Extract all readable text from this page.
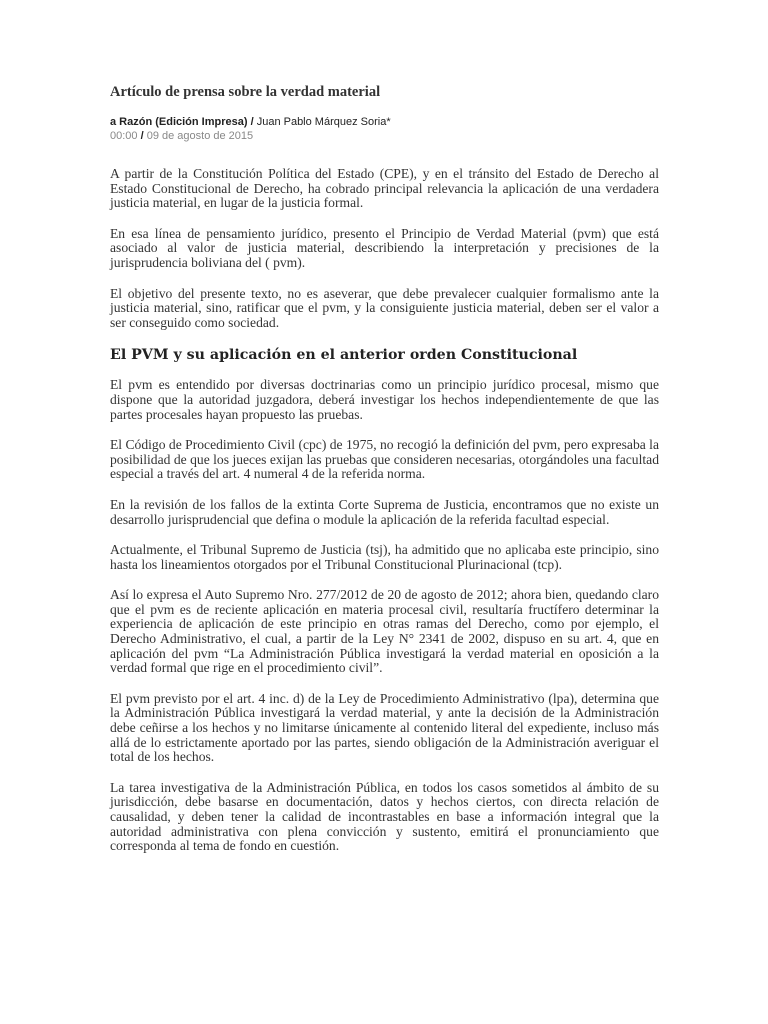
Artículo de prensa sobre la verdad material
a Razón (Edición Impresa) / Juan Pablo Márquez Soria*
00:00 / 09 de agosto de 2015

A partir de la Constitución Política del Estado (CPE), y en el tránsito del Estado de Derecho al Estado Constitucional de Derecho, ha cobrado principal relevancia la aplicación de una verdadera justicia material, en lugar de la justicia formal.

En esa línea de pensamiento jurídico, presento el Principio de Verdad Material (pvm) que está asociado al valor de justicia material, describiendo la interpretación y precisiones de la jurisprudencia boliviana del ( pvm).

El objetivo del presente texto, no es aseverar, que debe prevalecer cualquier formalismo ante la justicia material, sino, ratificar que el pvm, y la consiguiente justicia material, deben ser el valor a ser conseguido como sociedad.

El PVM y su aplicación en el anterior orden Constitucional

El pvm es entendido por diversas doctrinarias como un principio jurídico procesal, mismo que dispone que la autoridad juzgadora, deberá investigar los hechos independientemente de que las partes procesales hayan propuesto las pruebas.

El Código de Procedimiento Civil (cpc) de 1975, no recogió la definición del pvm, pero expresaba la posibilidad de que los jueces exijan las pruebas que consideren necesarias, otorgándoles una facultad especial a través del art. 4 numeral 4 de la referida norma.

En la revisión de los fallos de la extinta Corte Suprema de Justicia, encontramos que no existe un desarrollo jurisprudencial que defina o module la aplicación de la referida facultad especial.

Actualmente, el Tribunal Supremo de Justicia (tsj), ha admitido que no aplicaba este principio, sino hasta los lineamientos otorgados por el Tribunal Constitucional Plurinacional (tcp).

Así lo expresa el Auto Supremo Nro. 277/2012 de 20 de agosto de 2012; ahora bien, quedando claro que el pvm es de reciente aplicación en materia procesal civil, resultaría fructífero determinar la experiencia de aplicación de este principio en otras ramas del Derecho, como por ejemplo, el Derecho Administrativo, el cual, a partir de la Ley N° 2341 de 2002, dispuso en su art. 4, que en aplicación del pvm “La Administración Pública investigará la verdad material en oposición a la verdad formal que rige en el procedimiento civil”.

El pvm previsto por el art. 4 inc. d) de la Ley de Procedimiento Administrativo (lpa), determina que la Administración Pública investigará la verdad material, y ante la decisión de la Administración debe ceñirse a los hechos y no limitarse únicamente al contenido literal del expediente, incluso más allá de lo estrictamente aportado por las partes, siendo obligación de la Administración averiguar el total de los hechos.

La tarea investigativa de la Administración Pública, en todos los casos sometidos al ámbito de su jurisdicción, debe basarse en documentación, datos y hechos ciertos, con directa relación de causalidad, y deben tener la calidad de incontrastables en base a información integral que la autoridad administrativa con plena convicción y sustento, emitirá el pronunciamiento que corresponda al tema de fondo en cuestión.
